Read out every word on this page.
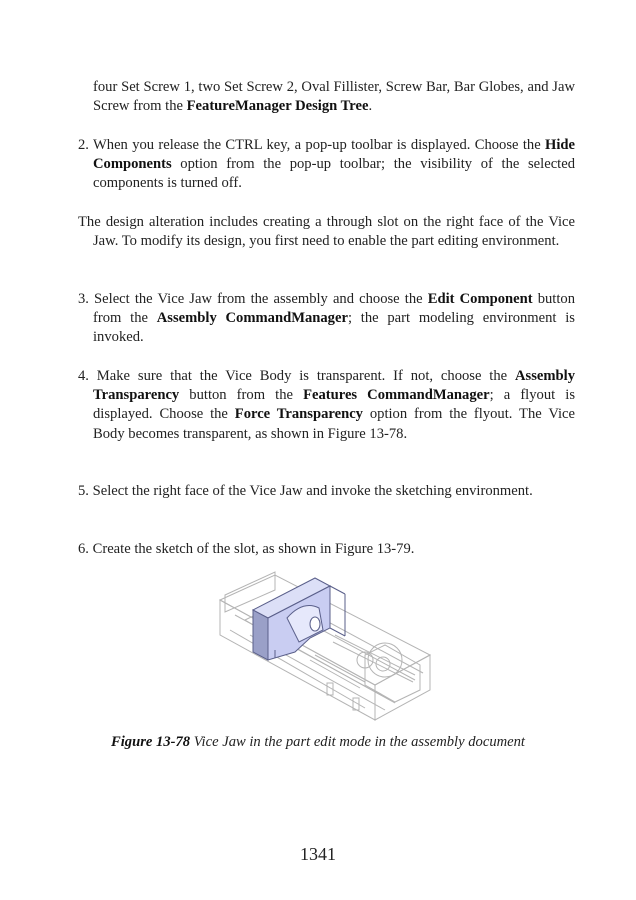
four Set Screw 1, two Set Screw 2, Oval Fillister, Screw Bar, Bar Globes, and Jaw Screw from the FeatureManager Design Tree.

2. When you release the CTRL key, a pop-up toolbar is displayed. Choose the Hide Components option from the pop-up toolbar; the visibility of the selected components is turned off.

The design alteration includes creating a through slot on the right face of the Vice Jaw. To modify its design, you first need to enable the part editing environment.

3. Select the Vice Jaw from the assembly and choose the Edit Component button from the Assembly CommandManager; the part modeling environment is invoked.

4. Make sure that the Vice Body is transparent. If not, choose the Assembly Transparency button from the Features CommandManager; a flyout is displayed. Choose the Force Transparency option from the flyout. The Vice Body becomes transparent, as shown in Figure 13-78.

5. Select the right face of the Vice Jaw and invoke the sketching environment.

6. Create the sketch of the slot, as shown in Figure 13-79.

Figure 13-78 Vice Jaw in the part edit mode in the assembly document
1341
